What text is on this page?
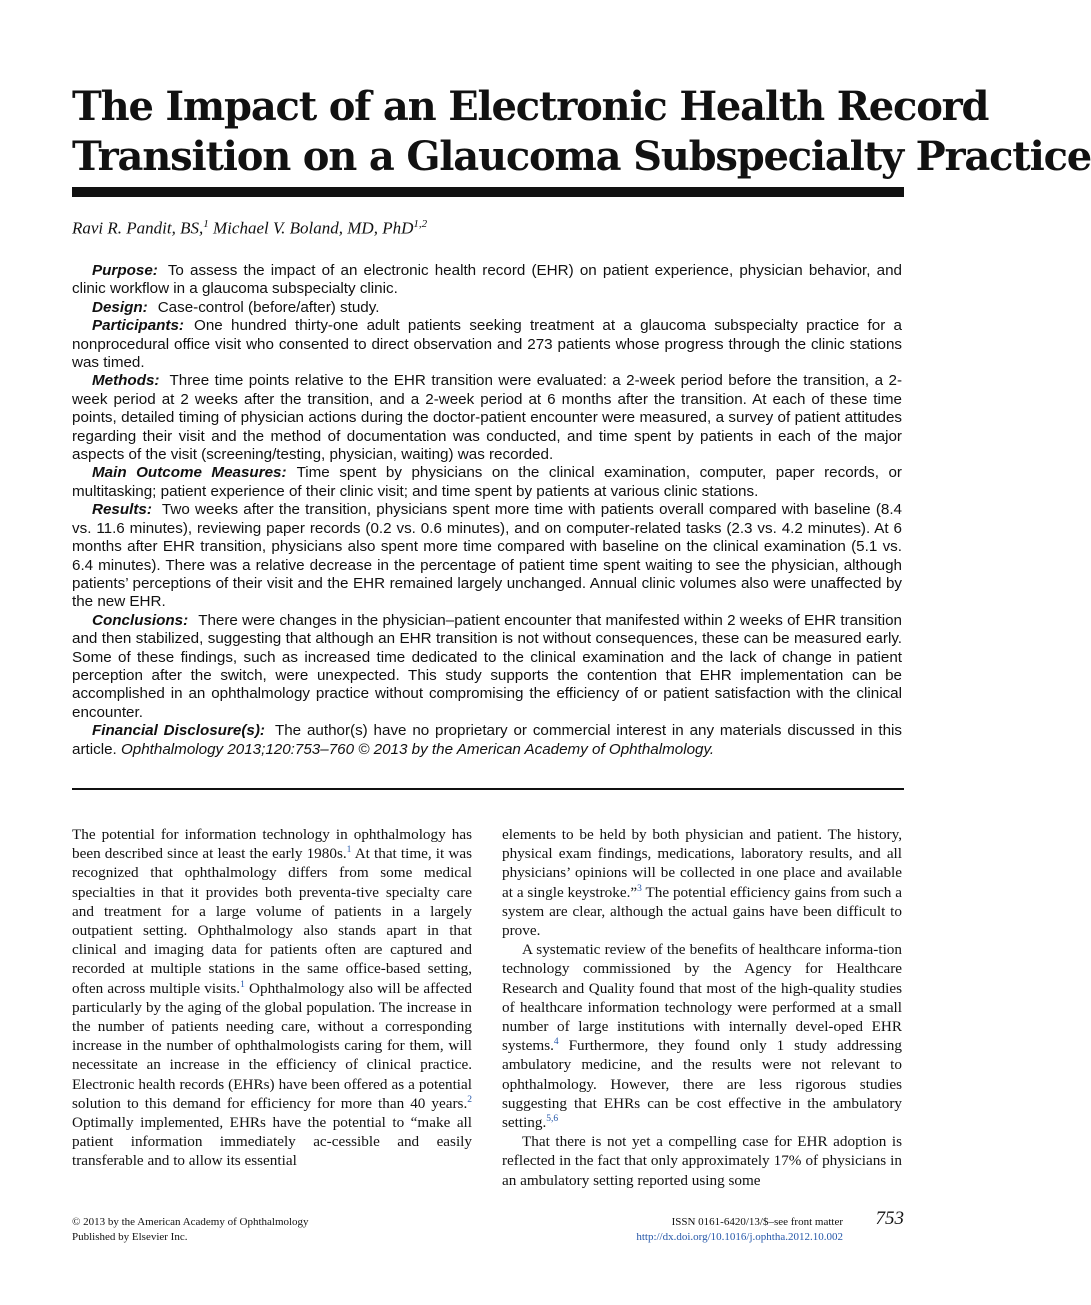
The Impact of an Electronic Health Record
Transition on a Glaucoma Subspecialty Practice
Ravi R. Pandit, BS,$^1$ Michael V. Boland, MD, PhD$^{1,2}$

Purpose: To assess the impact of an electronic health record (EHR) on patient experience, physician behavior, and clinic workflow in a glaucoma subspecialty clinic.

Design: Case-control (before/after) study.

Participants: One hundred thirty-one adult patients seeking treatment at a glaucoma subspecialty practice for a nonprocedural office visit who consented to direct observation and 273 patients whose progress through the clinic stations was timed.

Methods: Three time points relative to the EHR transition were evaluated: a 2-week period before the transition, a 2-week period at 2 weeks after the transition, and a 2-week period at 6 months after the transition. At each of these time points, detailed timing of physician actions during the doctor-patient encounter were measured, a survey of patient attitudes regarding their visit and the method of documentation was conducted, and time spent by patients in each of the major aspects of the visit (screening/testing, physician, waiting) was recorded.

Main Outcome Measures: Time spent by physicians on the clinical examination, computer, paper records, or multitasking; patient experience of their clinic visit; and time spent by patients at various clinic stations.

Results: Two weeks after the transition, physicians spent more time with patients overall compared with baseline (8.4 vs. 11.6 minutes), reviewing paper records (0.2 vs. 0.6 minutes), and on computer-related tasks (2.3 vs. 4.2 minutes). At 6 months after EHR transition, physicians also spent more time compared with baseline on the clinical examination (5.1 vs. 6.4 minutes). There was a relative decrease in the percentage of patient time spent waiting to see the physician, although patients’ perceptions of their visit and the EHR remained largely unchanged. Annual clinic volumes also were unaffected by the new EHR.

Conclusions: There were changes in the physician–patient encounter that manifested within 2 weeks of EHR transition and then stabilized, suggesting that although an EHR transition is not without consequences, these can be measured early. Some of these findings, such as increased time dedicated to the clinical examination and the lack of change in patient perception after the switch, were unexpected. This study supports the contention that EHR implementation can be accomplished in an ophthalmology practice without compromising the efficiency of or patient satisfaction with the clinical encounter.

Financial Disclosure(s): The author(s) have no proprietary or commercial interest in any materials discussed in this article. Ophthalmology 2013;120:753–760 © 2013 by the American Academy of Ophthalmology.

The potential for information technology in ophthalmology has been described since at least the early 1980s.$^1$ At that time, it was recognized that ophthalmology differs from some medical specialties in that it provides both preventa-tive specialty care and treatment for a large volume of patients in a largely outpatient setting. Ophthalmology also stands apart in that clinical and imaging data for patients often are captured and recorded at multiple stations in the same office-based setting, often across multiple visits.$^1$ Ophthalmology also will be affected particularly by the aging of the global population. The increase in the number of patients needing care, without a corresponding increase in the number of ophthalmologists caring for them, will necessitate an increase in the efficiency of clinical practice. Electronic health records (EHRs) have been offered as a potential solution to this demand for efficiency for more than 40 years.$^2$ Optimally implemented, EHRs have the potential to “make all patient information immediately ac-cessible and easily transferable and to allow its essential

elements to be held by both physician and patient. The history, physical exam findings, medications, laboratory results, and all physicians’ opinions will be collected in one place and available at a single keystroke.”$^3$ The potential efficiency gains from such a system are clear, although the actual gains have been difficult to prove.

A systematic review of the benefits of healthcare informa-tion technology commissioned by the Agency for Healthcare Research and Quality found that most of the high-quality studies of healthcare information technology were performed at a small number of large institutions with internally devel-oped EHR systems.$^4$ Furthermore, they found only 1 study addressing ambulatory medicine, and the results were not relevant to ophthalmology. However, there are less rigorous studies suggesting that EHRs can be cost effective in the ambulatory setting.$^{5,6}$

That there is not yet a compelling case for EHR adoption is reflected in the fact that only approximately 17% of physicians in an ambulatory setting reported using some

© 2013 by the American Academy of Ophthalmology
Published by Elsevier Inc.
ISSN 0161-6420/13/$–see front matter
http://dx.doi.org/10.1016/j.ophtha.2012.10.002
753
